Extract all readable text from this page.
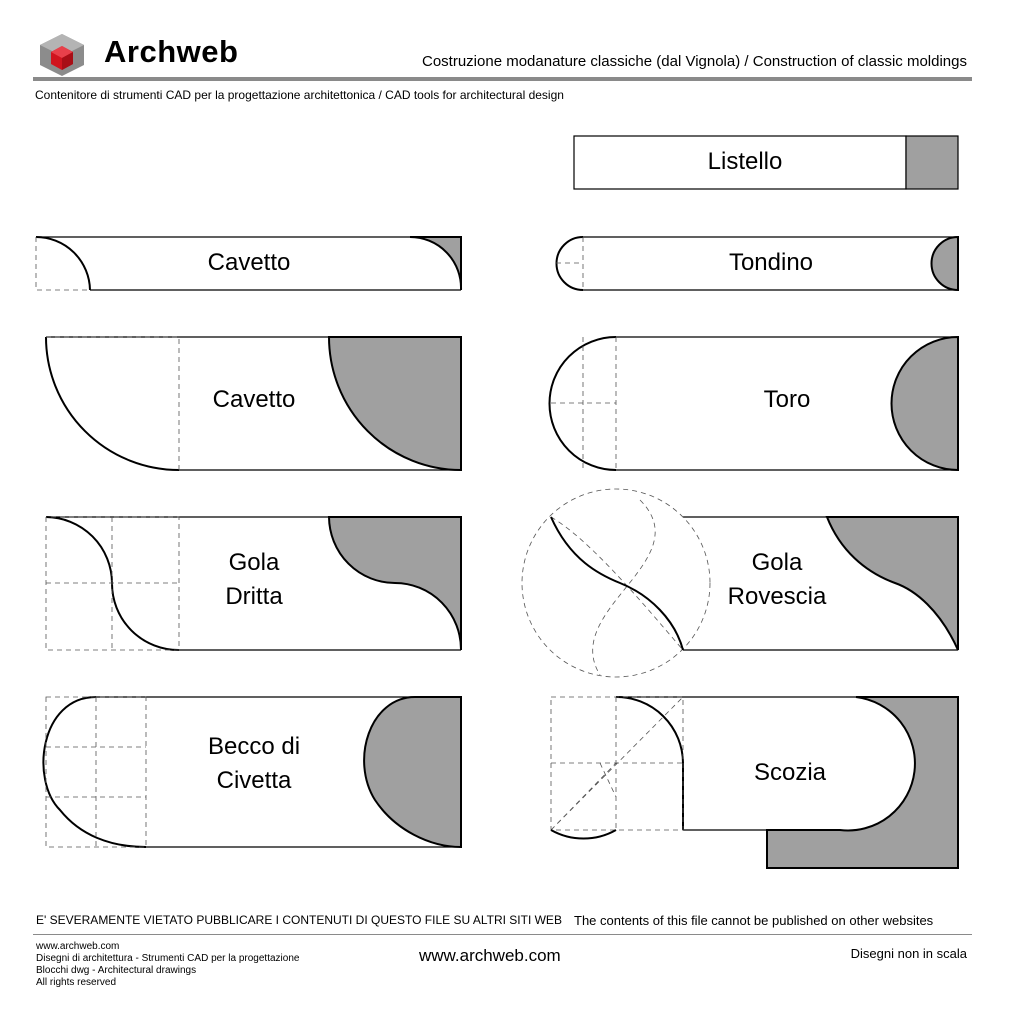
Archweb	Costruzione modanature classiche (dal Vignola) / Construction of classic moldings
Contenitore di strumenti CAD per la progettazione architettonica / CAD tools for architectural design
Listello
Cavetto	Tondino
Cavetto	Toro
Gola
Dritta
Gola
Rovescia
Becco di
Civetta	Scozia
E' SEVERAMENTE VIETATO PUBBLICARE I CONTENUTI DI QUESTO FILE SU ALTRI SITI WEB The contents of this file cannot be published on other websites
www.archweb.com
Disegni di architettura - Strumenti CAD per la progettazione
Blocchi dwg - Architectural drawings
All rights reserved
www.archweb.com	Disegni non in scala
